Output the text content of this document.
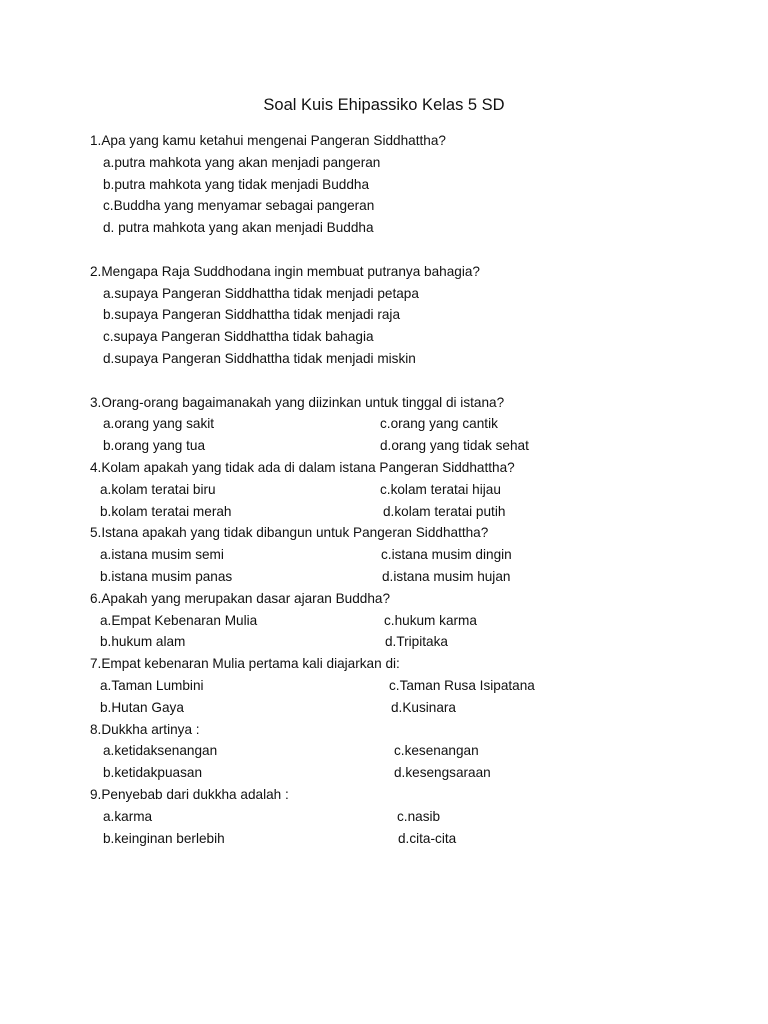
Soal Kuis Ehipassiko Kelas 5 SD
1.Apa yang kamu ketahui mengenai Pangeran Siddhattha?
a.putra mahkota yang akan menjadi pangeran
b.putra mahkota yang tidak menjadi Buddha
c.Buddha yang menyamar sebagai pangeran
d. putra mahkota yang akan menjadi Buddha
2.Mengapa Raja Suddhodana ingin membuat putranya bahagia?
a.supaya Pangeran Siddhattha tidak menjadi petapa
b.supaya Pangeran Siddhattha tidak menjadi raja
c.supaya Pangeran Siddhattha tidak bahagia
d.supaya Pangeran Siddhattha tidak menjadi miskin
3.Orang-orang bagaimanakah yang diizinkan untuk tinggal di istana?
a.orang yang sakit	c.orang yang cantik
b.orang yang tua	d.orang yang tidak sehat
4.Kolam apakah yang tidak ada di dalam istana Pangeran Siddhattha?
a.kolam teratai biru	c.kolam teratai hijau
b.kolam teratai merah	d.kolam teratai putih
5.Istana apakah yang tidak dibangun untuk Pangeran Siddhattha?
a.istana musim semi	c.istana musim dingin
b.istana musim panas	d.istana musim hujan
6.Apakah yang merupakan dasar ajaran Buddha?
a.Empat Kebenaran Mulia	c.hukum karma
b.hukum alam	d.Tripitaka
7.Empat kebenaran Mulia pertama kali diajarkan di:
a.Taman Lumbini	c.Taman Rusa Isipatana
b.Hutan Gaya	d.Kusinara
8.Dukkha artinya :
a.ketidaksenangan	c.kesenangan
b.ketidakpuasan	d.kesengsaraan
9.Penyebab dari dukkha adalah :
a.karma	c.nasib
b.keinginan berlebih	d.cita-cita
